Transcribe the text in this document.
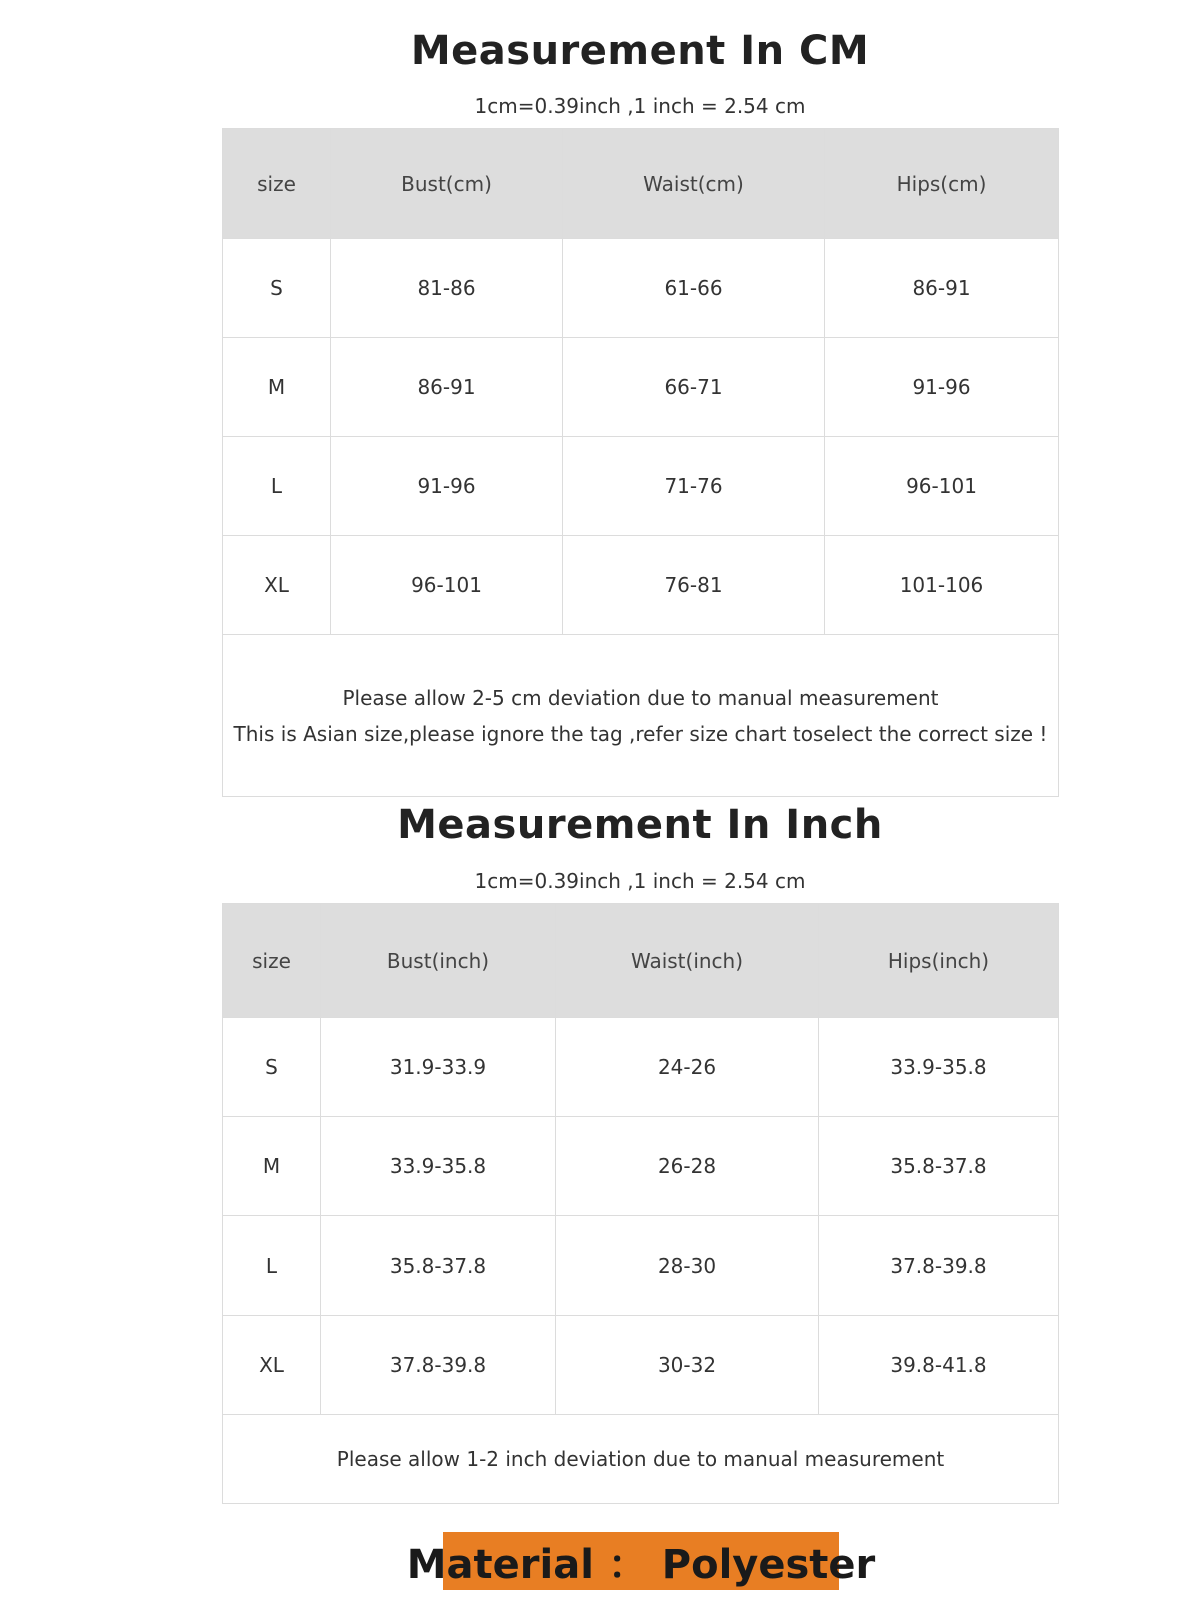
Measurement In CM
1cm=0.39inch ,1 inch = 2.54 cm
size	Bust(cm)	Waist(cm)	Hips(cm)
S	81-86	61-66	86-91
M	86-91	66-71	91-96
L	91-96	71-76	96-101
XL	96-101	76-81	101-106

Please allow 2-5 cm deviation due to manual measurement
This is Asian size,please ignore the tag ,refer size chart toselect the correct size !			
Measurement In Inch
1cm=0.39inch ,1 inch = 2.54 cm
size	Bust(inch)	Waist(inch)	Hips(inch)
S	31.9-33.9	24-26	33.9-35.8
M	33.9-35.8	26-28	35.8-37.8
L	35.8-37.8	28-30	37.8-39.8
XL	37.8-39.8	30-32	39.8-41.8
Please allow 1-2 inch deviation due to manual measurement			
Material ： Polyester
